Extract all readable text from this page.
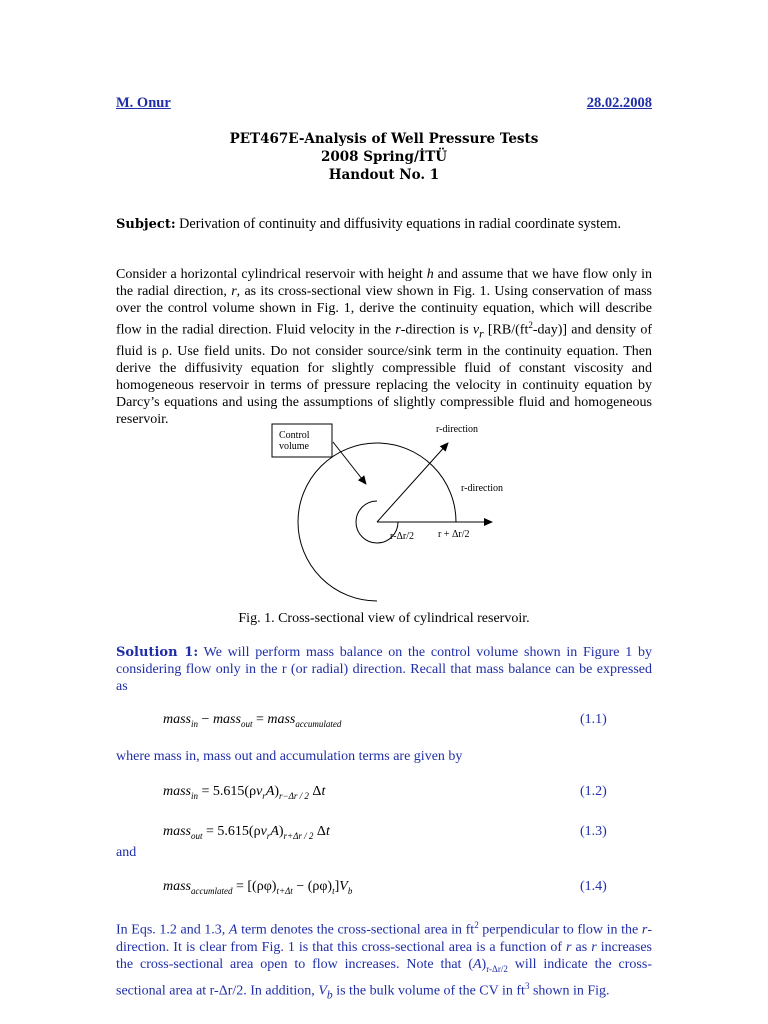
M. Onur	28.02.2008
PET467E-Analysis of Well Pressure Tests
2008 Spring/İTÜ
Handout No. 1
Subject: Derivation of continuity and diffusivity equations in radial coordinate system.
Consider a horizontal cylindrical reservoir with height h and assume that we have flow only in the radial direction, r, as its cross-sectional view shown in Fig. 1. Using conservation of mass over the control volume shown in Fig. 1, derive the continuity equation, which will describe flow in the radial direction. Fluid velocity in the r-direction is $v_r$ $[RB/(ft^2-day)]$ and density of fluid is ρ. Use field units. Do not consider source/sink term in the continuity equation. Then derive the diffusivity equation for slightly compressible fluid of constant viscosity and homogeneous reservoir in terms of pressure replacing the velocity in continuity equation by Darcy’s equations and using the assumptions of slightly compressible fluid and homogeneous reservoir.
Control
volume
r-direction
r-direction
r-Δr/2 r + Δr/2
Fig. 1. Cross-sectional view of cylindrical reservoir.
Solution 1: We will perform mass balance on the control volume shown in Figure 1 by considering flow only in the r (or radial) direction. Recall that mass balance can be expressed as
mass$_{in}$ − mass$_{out}$ = mass$_{accumulated}$	(1.1)
where mass in, mass out and accumulation terms are given by
mass$_{in}$ = $5.615(\rho v_rA)_{r-\Delta r / 2}$ Δt	(1.2)
mass$_{out}$ = $5.615(\rho v_rA)_{r+\Delta r / 2}$ Δt	(1.3)
and
mass$_{accumlated}$ = $[(\rho\varphi)_{t+\Delta t} - (\rho\varphi)_t]V_b$	(1.4)
In Eqs. 1.2 and 1.3, A term denotes the cross-sectional area in $ft^2$ perpendicular to flow in the r-direction. It is clear from Fig. 1 is that this cross-sectional area is a function of r as r increases the cross-sectional area open to flow increases. Note that $(A)_{r-\Delta r/2}$ will indicate the cross-sectional area at r-Δr/2. In addition, $V_b$ is the bulk volume of the CV in $ft^3$ shown in Fig.
